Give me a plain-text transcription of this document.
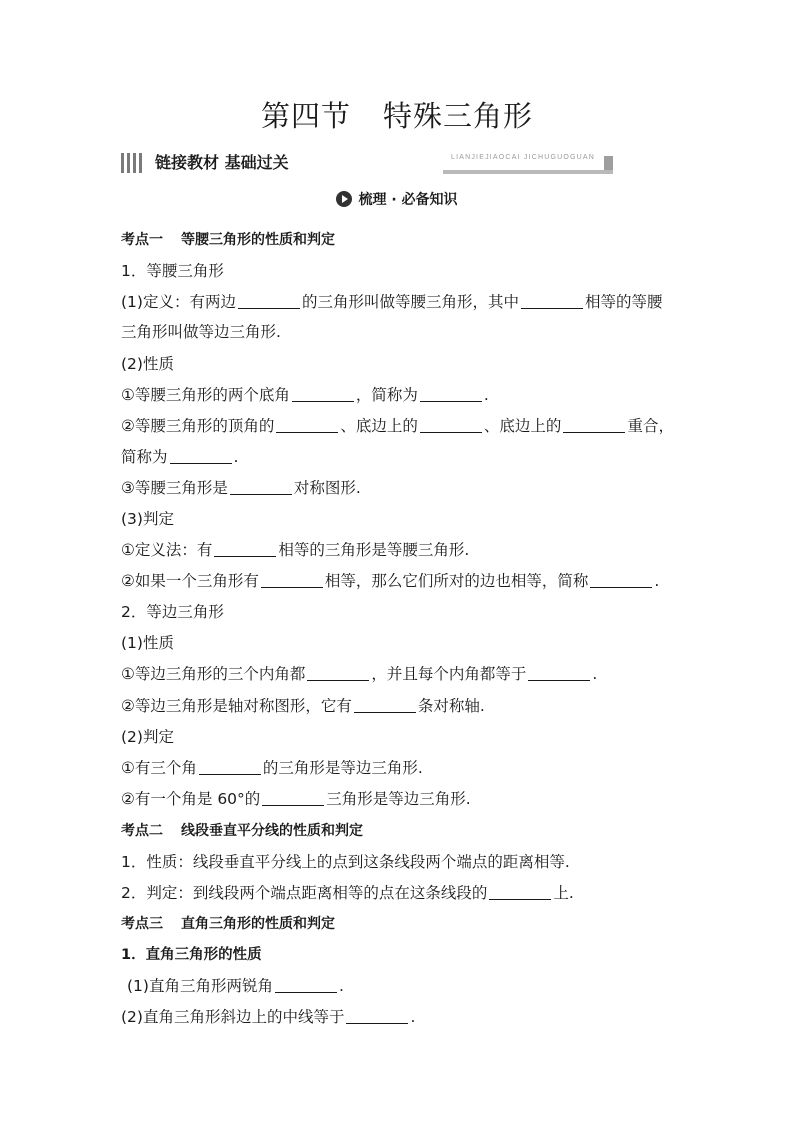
第四节 特殊三角形
链接教材 基础过关	LIANJIEJIAOCAI JICHUGUOGUAN
梳理 · 必备知识
考点一 等腰三角形的性质和判定
1．等腰三角形
(1)定义：有两边	的三角形叫做等腰三角形，其中	相等的等腰
三角形叫做等边三角形.
(2)性质
①等腰三角形的两个底角	，简称为	.
②等腰三角形的顶角的	、底边上的	、底边上的	重合，
简称为	.
③等腰三角形是	对称图形.
(3)判定
①定义法：有	相等的三角形是等腰三角形.
②如果一个三角形有	相等，那么它们所对的边也相等，简称	.
2．等边三角形
(1)性质
①等边三角形的三个内角都	，并且每个内角都等于	.
②等边三角形是轴对称图形，它有	条对称轴.
(2)判定
①有三个角	的三角形是等边三角形.
②有一个角是 60°的	三角形是等边三角形.
考点二 线段垂直平分线的性质和判定
1．性质：线段垂直平分线上的点到这条线段两个端点的距离相等.
2．判定：到线段两个端点距离相等的点在这条线段的	上.
考点三 直角三角形的性质和判定
1．直角三角形的性质
(1)直角三角形两锐角	.
(2)直角三角形斜边上的中线等于	.
